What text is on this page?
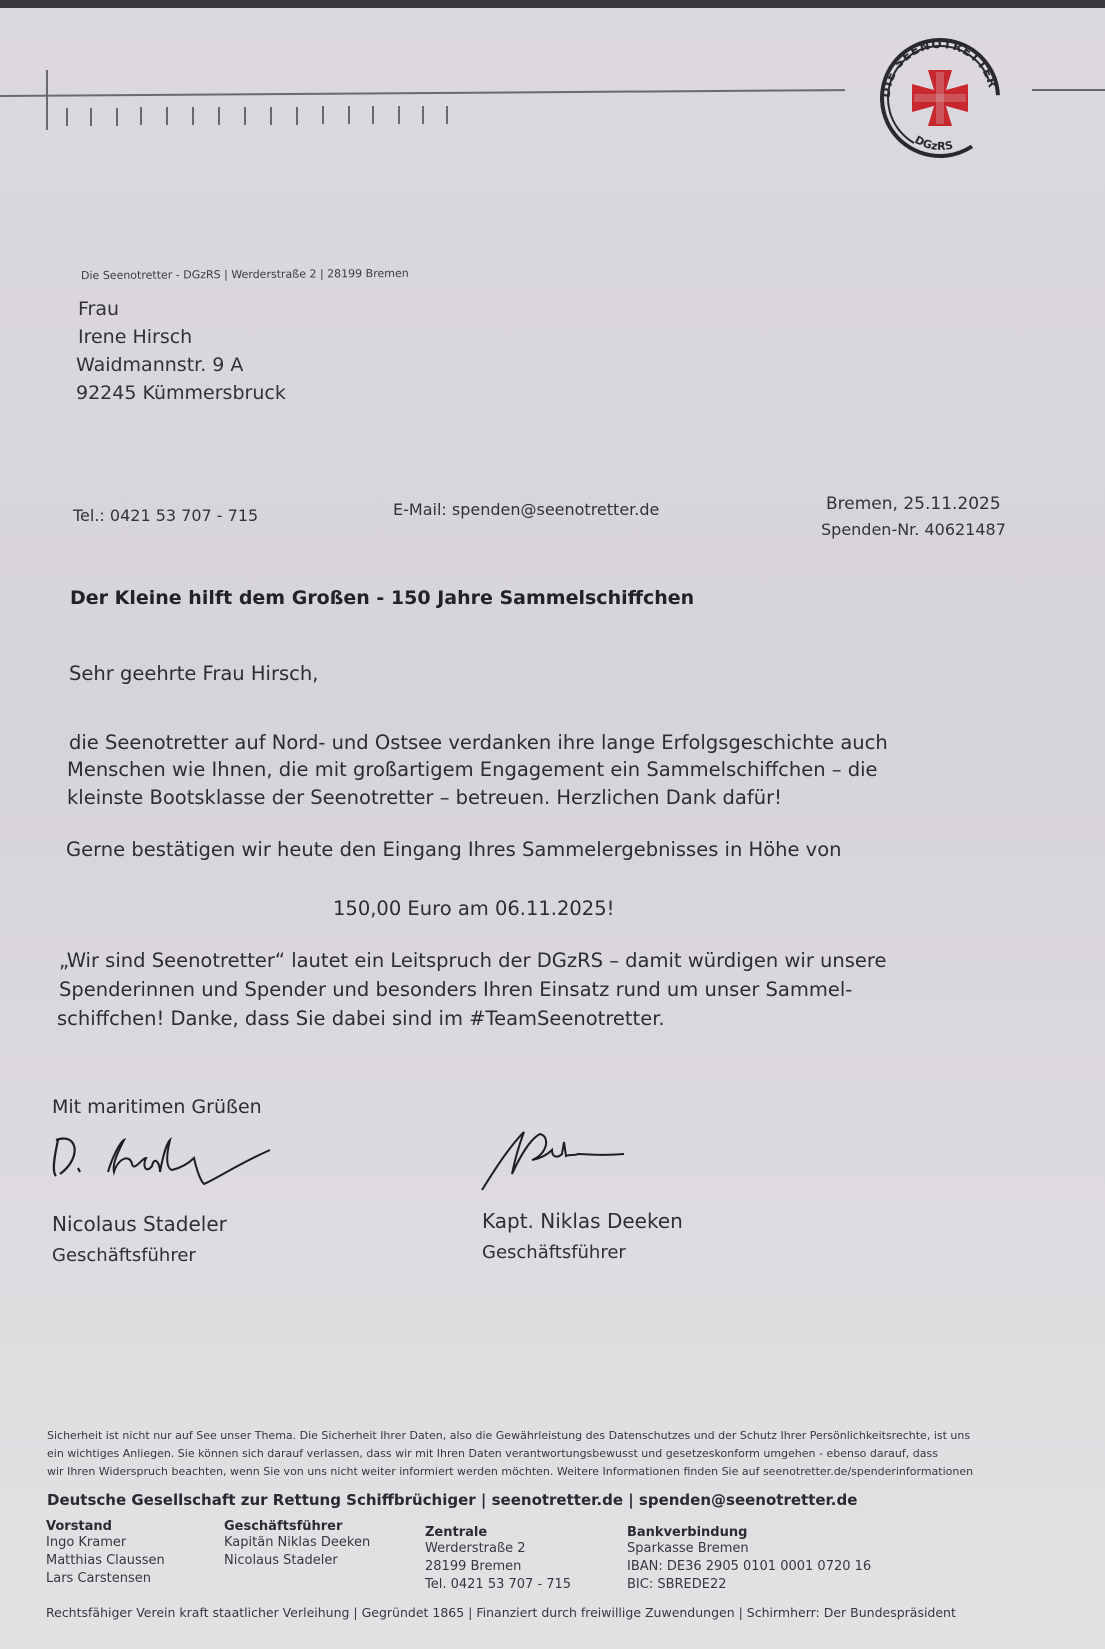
DIE SEENOTRETTER
DGzRS
Die Seenotretter - DGzRS | Werderstraße 2 | 28199 Bremen
Frau
Irene Hirsch
Waidmannstr. 9 A
92245 Kümmersbruck
Tel.: 0421 53 707 - 715	E-Mail: spenden@seenotretter.de	Bremen, 25.11.2025
Spenden-Nr. 40621487
Der Kleine hilft dem Großen - 150 Jahre Sammelschiffchen
Sehr geehrte Frau Hirsch,
die Seenotretter auf Nord- und Ostsee verdanken ihre lange Erfolgsgeschichte auch
Menschen wie Ihnen, die mit großartigem Engagement ein Sammelschiffchen – die
kleinste Bootsklasse der Seenotretter – betreuen. Herzlichen Dank dafür!
Gerne bestätigen wir heute den Eingang Ihres Sammelergebnisses in Höhe von
150,00 Euro am 06.11.2025!
„Wir sind Seenotretter“ lautet ein Leitspruch der DGzRS – damit würdigen wir unsere
Spenderinnen und Spender und besonders Ihren Einsatz rund um unser Sammel-
schiffchen! Danke, dass Sie dabei sind im #TeamSeenotretter.
Mit maritimen Grüßen
Nicolaus Stadeler
Geschäftsführer
Kapt. Niklas Deeken
Geschäftsführer
Sicherheit ist nicht nur auf See unser Thema. Die Sicherheit Ihrer Daten, also die Gewährleistung des Datenschutzes und der Schutz Ihrer Persönlichkeitsrechte, ist uns
ein wichtiges Anliegen. Sie können sich darauf verlassen, dass wir mit Ihren Daten verantwortungsbewusst und gesetzeskonform umgehen - ebenso darauf, dass
wir Ihren Widerspruch beachten, wenn Sie von uns nicht weiter informiert werden möchten. Weitere Informationen finden Sie auf seenotretter.de/spenderinformationen
Deutsche Gesellschaft zur Rettung Schiffbrüchiger | seenotretter.de | spenden@seenotretter.de
Vorstand
Ingo Kramer
Matthias Claussen
Lars Carstensen
Geschäftsführer
Kapitän Niklas Deeken
Nicolaus Stadeler
Zentrale
Werderstraße 2
28199 Bremen
Tel. 0421 53 707 - 715
Bankverbindung
Sparkasse Bremen
IBAN: DE36 2905 0101 0001 0720 16
BIC: SBREDE22
Rechtsfähiger Verein kraft staatlicher Verleihung | Gegründet 1865 | Finanziert durch freiwillige Zuwendungen | Schirmherr: Der Bundespräsident
